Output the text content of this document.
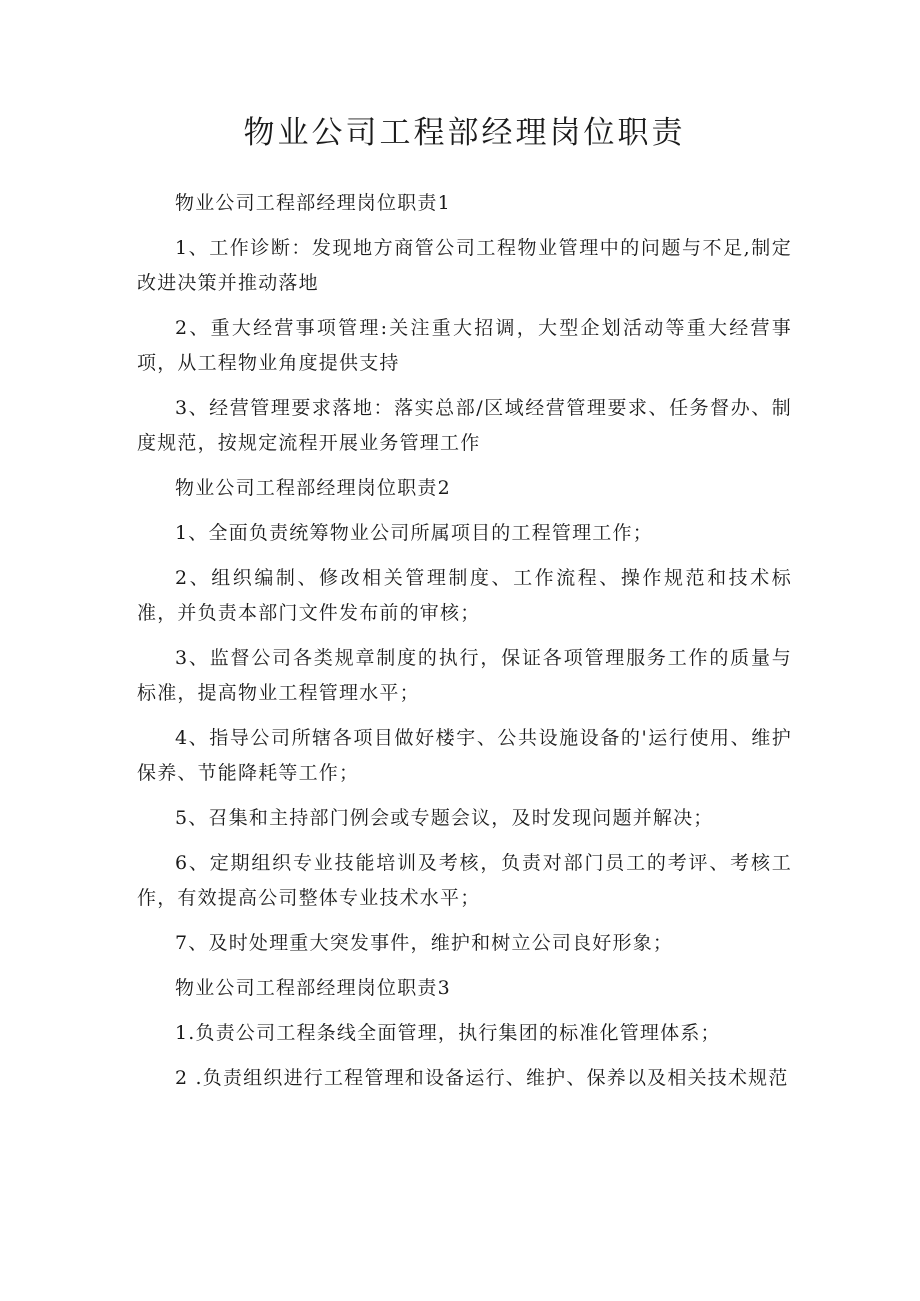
物业公司工程部经理岗位职责

物业公司工程部经理岗位职责1

1、工作诊断：发现地方商管公司工程物业管理中的问题与不足,制定改进决策并推动落地

2、重大经营事项管理:关注重大招调，大型企划活动等重大经营事项，从工程物业角度提供支持

3、经营管理要求落地：落实总部/区域经营管理要求、任务督办、制度规范，按规定流程开展业务管理工作

物业公司工程部经理岗位职责2

1、全面负责统筹物业公司所属项目的工程管理工作；

2、组织编制、修改相关管理制度、工作流程、操作规范和技术标准，并负责本部门文件发布前的审核；

3、监督公司各类规章制度的执行，保证各项管理服务工作的质量与标准，提高物业工程管理水平；

4、指导公司所辖各项目做好楼宇、公共设施设备的'运行使用、维护保养、节能降耗等工作；

5、召集和主持部门例会或专题会议，及时发现问题并解决；

6、定期组织专业技能培训及考核，负责对部门员工的考评、考核工作，有效提高公司整体专业技术水平；

7、及时处理重大突发事件，维护和树立公司良好形象；

物业公司工程部经理岗位职责3

1.负责公司工程条线全面管理，执行集团的标准化管理体系；

2 .负责组织进行工程管理和设备运行、维护、保养以及相关技术规范
